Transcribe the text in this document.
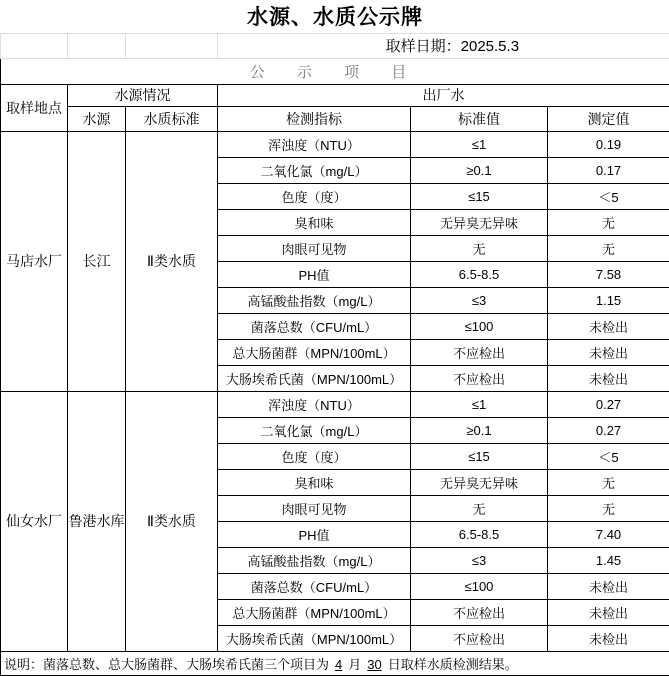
水源、水质公示牌					
			取样日期：2025.5.3		
公 示 项 目					
取样地点	水源情况		出厂水		
	水源	水质标准	检测指标	标准值	测定值
马店水厂	长江	Ⅱ类水质	浑浊度（NTU）	≤1	0.19
			二氧化氯（mg/L）	≥0.1	0.17
			色度（度）	≤15	＜5
			臭和味	无异臭无异味	无
			肉眼可见物	无	无
			PH值	6.5-8.5	7.58
			高锰酸盐指数（mg/L）	≤3	1.15
			菌落总数（CFU/mL）	≤100	未检出
			总大肠菌群（MPN/100mL）	不应检出	未检出
			大肠埃希氏菌（MPN/100mL）	不应检出	未检出
仙女水厂	鲁港水库	Ⅱ类水质	浑浊度（NTU）	≤1	0.27
			二氧化氯（mg/L）	≥0.1	0.27
			色度（度）	≤15	＜5
			臭和味	无异臭无异味	无
			肉眼可见物	无	无
			PH值	6.5-8.5	7.40
			高锰酸盐指数（mg/L）	≤3	1.45
			菌落总数（CFU/mL）	≤100	未检出
			总大肠菌群（MPN/100mL）	不应检出	未检出
			大肠埃希氏菌（MPN/100mL）	不应检出	未检出
说明：菌落总数、总大肠菌群、大肠埃希氏菌三个项目为 4 月 30 日取样水质检测结果。					
